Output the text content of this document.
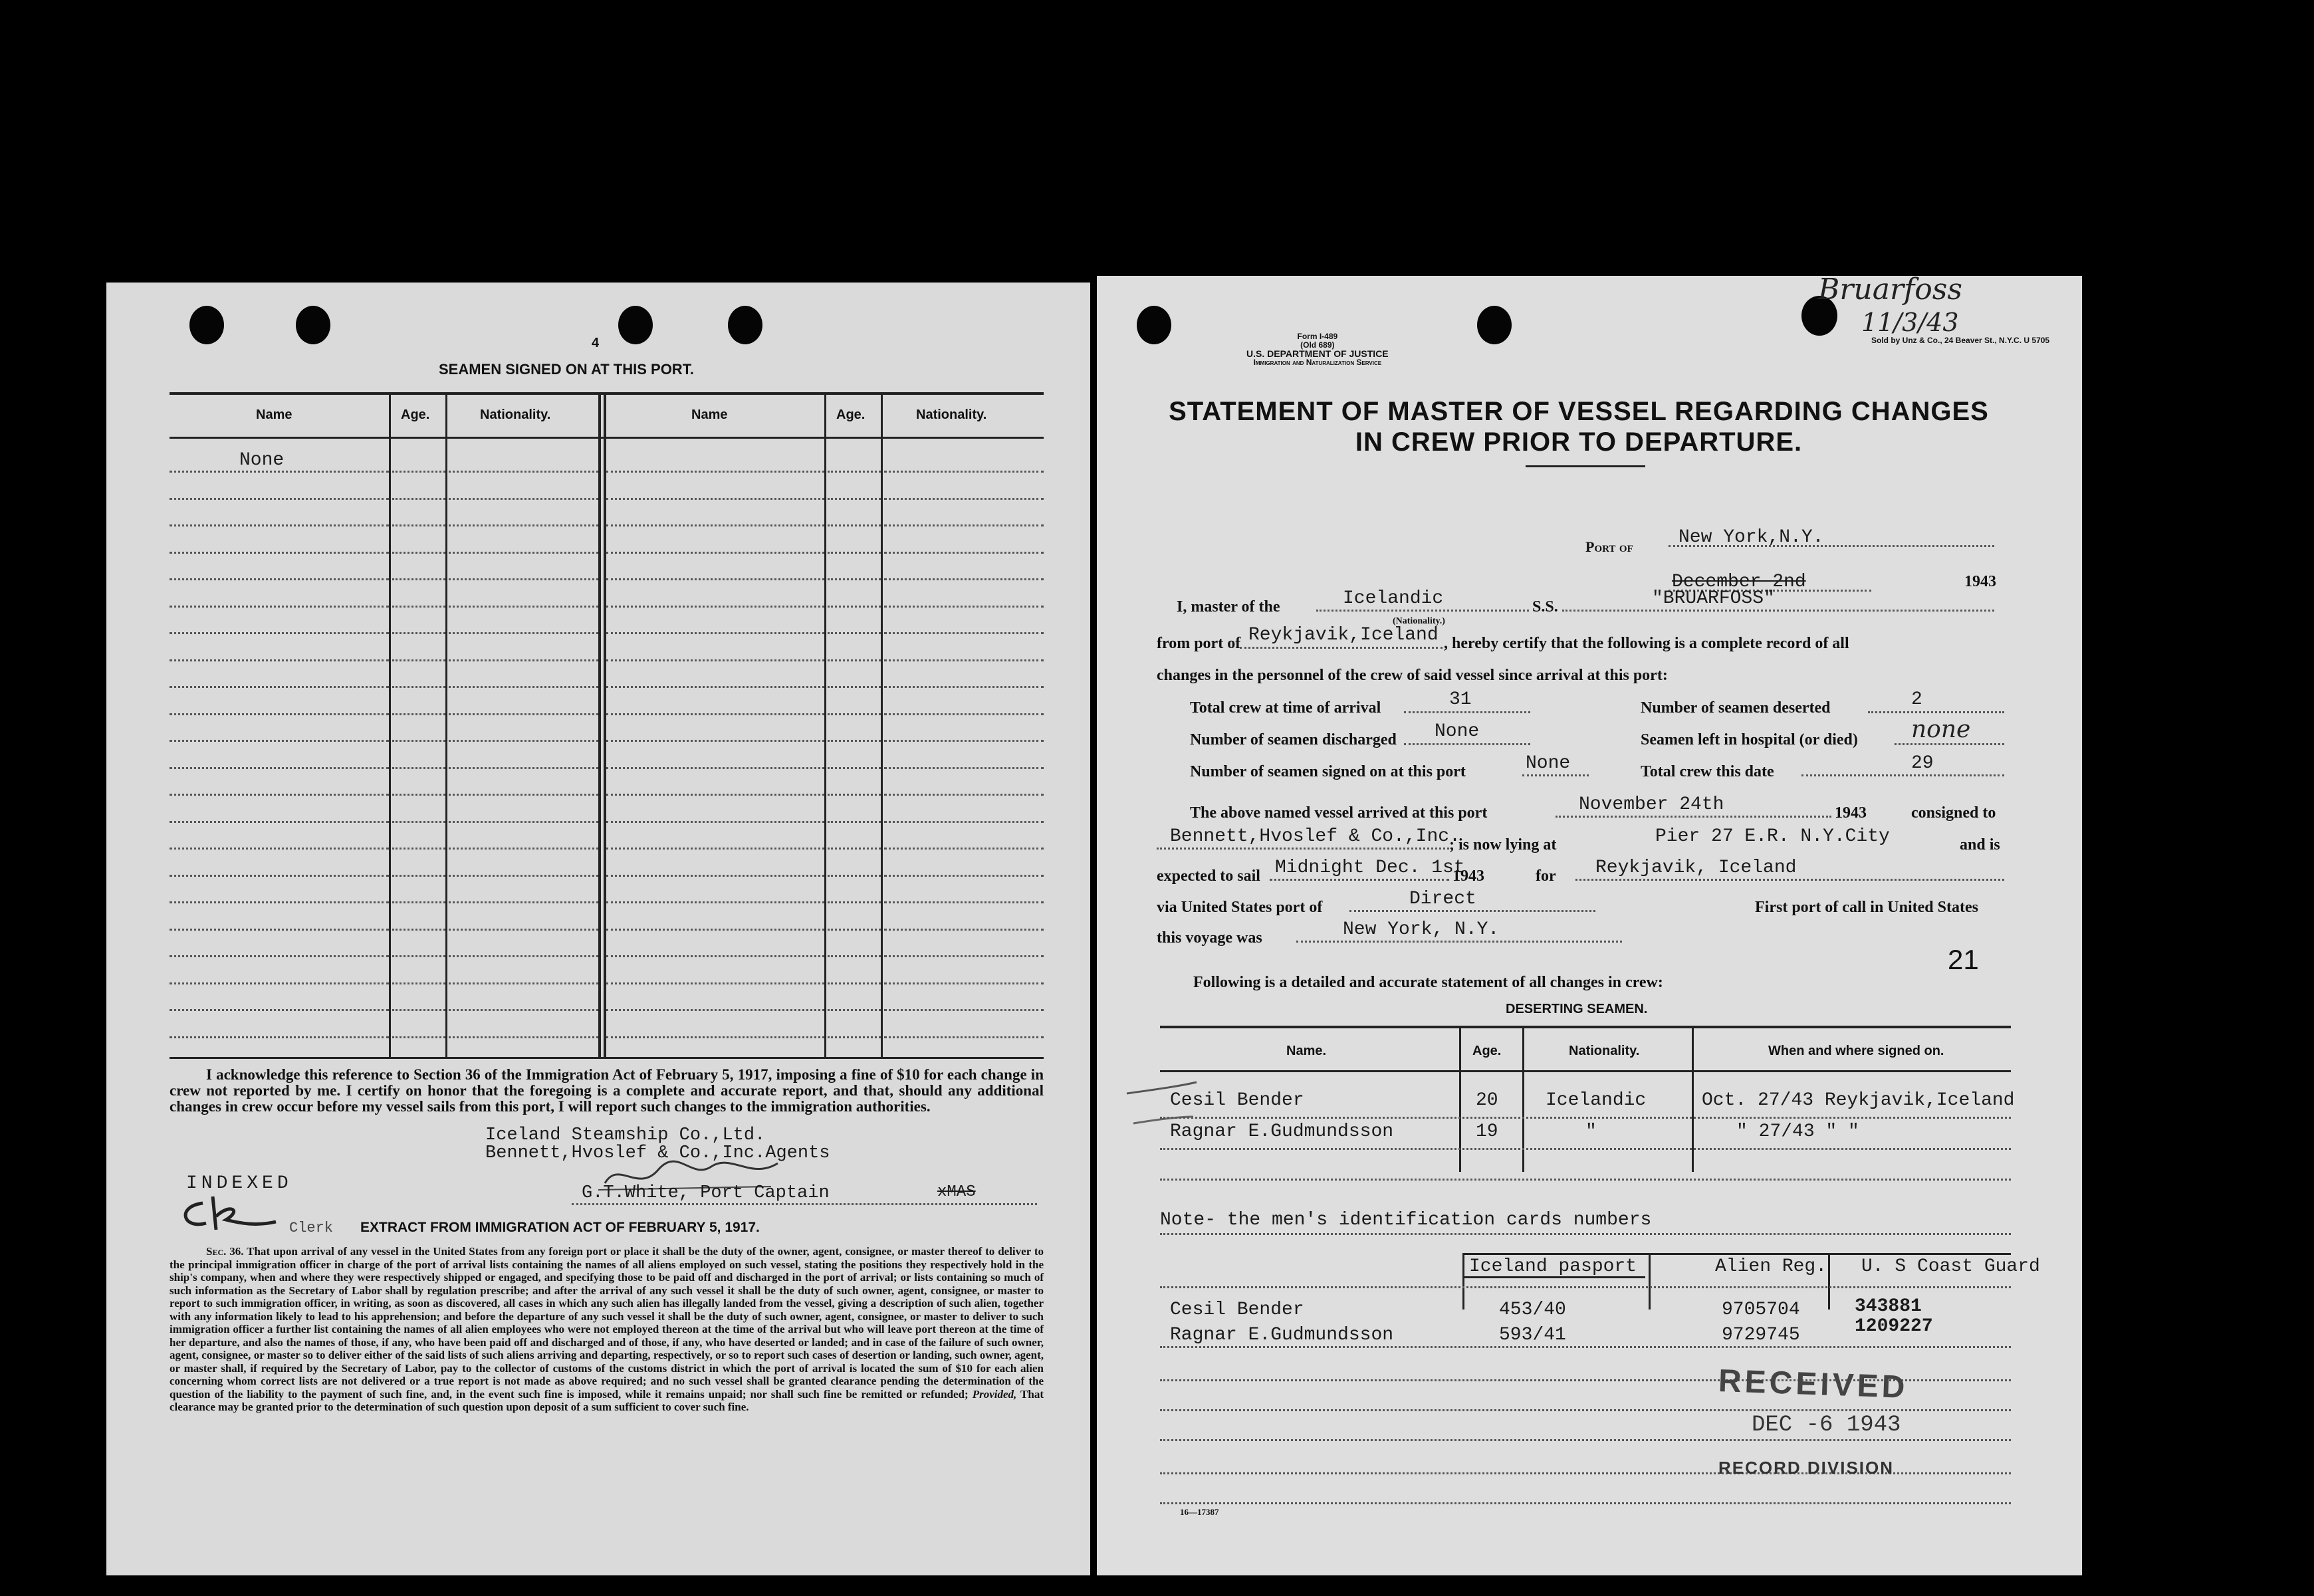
4
SEAMEN SIGNED ON AT THIS PORT.
Name	Age.	Nationality.	Name	Age.	Nationality.
None
I acknowledge this reference to Section 36 of the Immigration Act of February 5, 1917, imposing a fine of $10 for each change in crew not reported by me. I certify on honor that the foregoing is a complete and accurate report, and that, should any additional changes in crew occur before my vessel sails from this port, I will report such changes to the immigration authorities.
Iceland Steamship Co.,Ltd.
Bennett,Hvoslef & Co.,Inc.Agents
INDEXED	G.T.White, Port Captain	xMAS
Clerk EXTRACT FROM IMMIGRATION ACT OF FEBRUARY 5, 1917.
Sec. 36. That upon arrival of any vessel in the United States from any foreign port or place it shall be the duty of the owner, agent, consignee, or master thereof to deliver to the principal immigration officer in charge of the port of arrival lists containing the names of all aliens employed on such vessel, stating the positions they respectively hold in the ship's company, when and where they were respectively shipped or engaged, and specifying those to be paid off and discharged in the port of arrival; or lists containing so much of such information as the Secretary of Labor shall by regulation prescribe; and after the arrival of any such vessel it shall be the duty of such owner, agent, consignee, or master to report to such immigration officer, in writing, as soon as discovered, all cases in which any such alien has illegally landed from the vessel, giving a description of such alien, together with any information likely to lead to his apprehension; and before the departure of any such vessel it shall be the duty of such owner, agent, consignee, or master to deliver to such immigration officer a further list containing the names of all alien employees who were not employed thereon at the time of the arrival but who will leave port thereon at the time of her departure, and also the names of those, if any, who have been paid off and discharged and of those, if any, who have deserted or landed; and in case of the failure of such owner, agent, consignee, or master so to deliver either of the said lists of such aliens arriving and departing, respectively, or so to report such cases of desertion or landing, such owner, agent, or master shall, if required by the Secretary of Labor, pay to the collector of customs of the customs district in which the port of arrival is located the sum of $10 for each alien concerning whom correct lists are not delivered or a true report is not made as above required; and no such vessel shall be granted clearance pending the determination of the question of the liability to the payment of such fine, and, in the event such fine is imposed, while it remains unpaid; nor shall such fine be remitted or refunded; Provided, That clearance may be granted prior to the determination of such question upon deposit of a sum sufficient to cover such fine.
Form I-489
(Old 689)
U.S. DEPARTMENT OF JUSTICE
Immigration and Naturalization Service
Sold by Unz & Co., 24 Beaver St., N.Y.C. U 5705
Bruarfoss
11/3/43
STATEMENT OF MASTER OF VESSEL REGARDING CHANGES
IN CREW PRIOR TO DEPARTURE.
Port of New York,N.Y.
December 2nd	1943
I, master of the	Icelandic
(Nationality.)
S.S.	"BRUARFOSS"
from port of Reykjavik,Iceland , hereby certify that the following is a complete record of all
changes in the personnel of the crew of said vessel since arrival at this port:
Total crew at time of arrival	31	Number of seamen deserted	2
Number of seamen discharged None	Seamen left in hospital (or died) none
Number of seamen signed on at this port	None	Total crew this date	29
The above named vessel arrived at this port	November 24th	1943	consigned to
Bennett,Hvoslef & Co.,Inc.
; is now lying at	Pier 27 E.R. N.Y.City	and is
expected to sail Midnight Dec. 1st
1943	for Reykjavik, Iceland
via United States port of	Direct	First port of call in United States
this voyage was	New York, N.Y.
21
Following is a detailed and accurate statement of all changes in crew:
DESERTING SEAMEN.
Name.	Age.	Nationality.	When and where signed on.
Cesil Bender	20	Icelandic	Oct. 27/43 Reykjavik,Iceland
Ragnar E.Gudmundsson	19	"	" 27/43 " "
Note- the men's identification cards numbers
Iceland pasport	Alien Reg. U. S Coast Guard
Cesil Bender	453/40	9705704	343881
Ragnar E.Gudmundsson	593/41	9729745	1209227
RECEIVED
DEC -6 1943
RECORD DIVISION
16—17387
